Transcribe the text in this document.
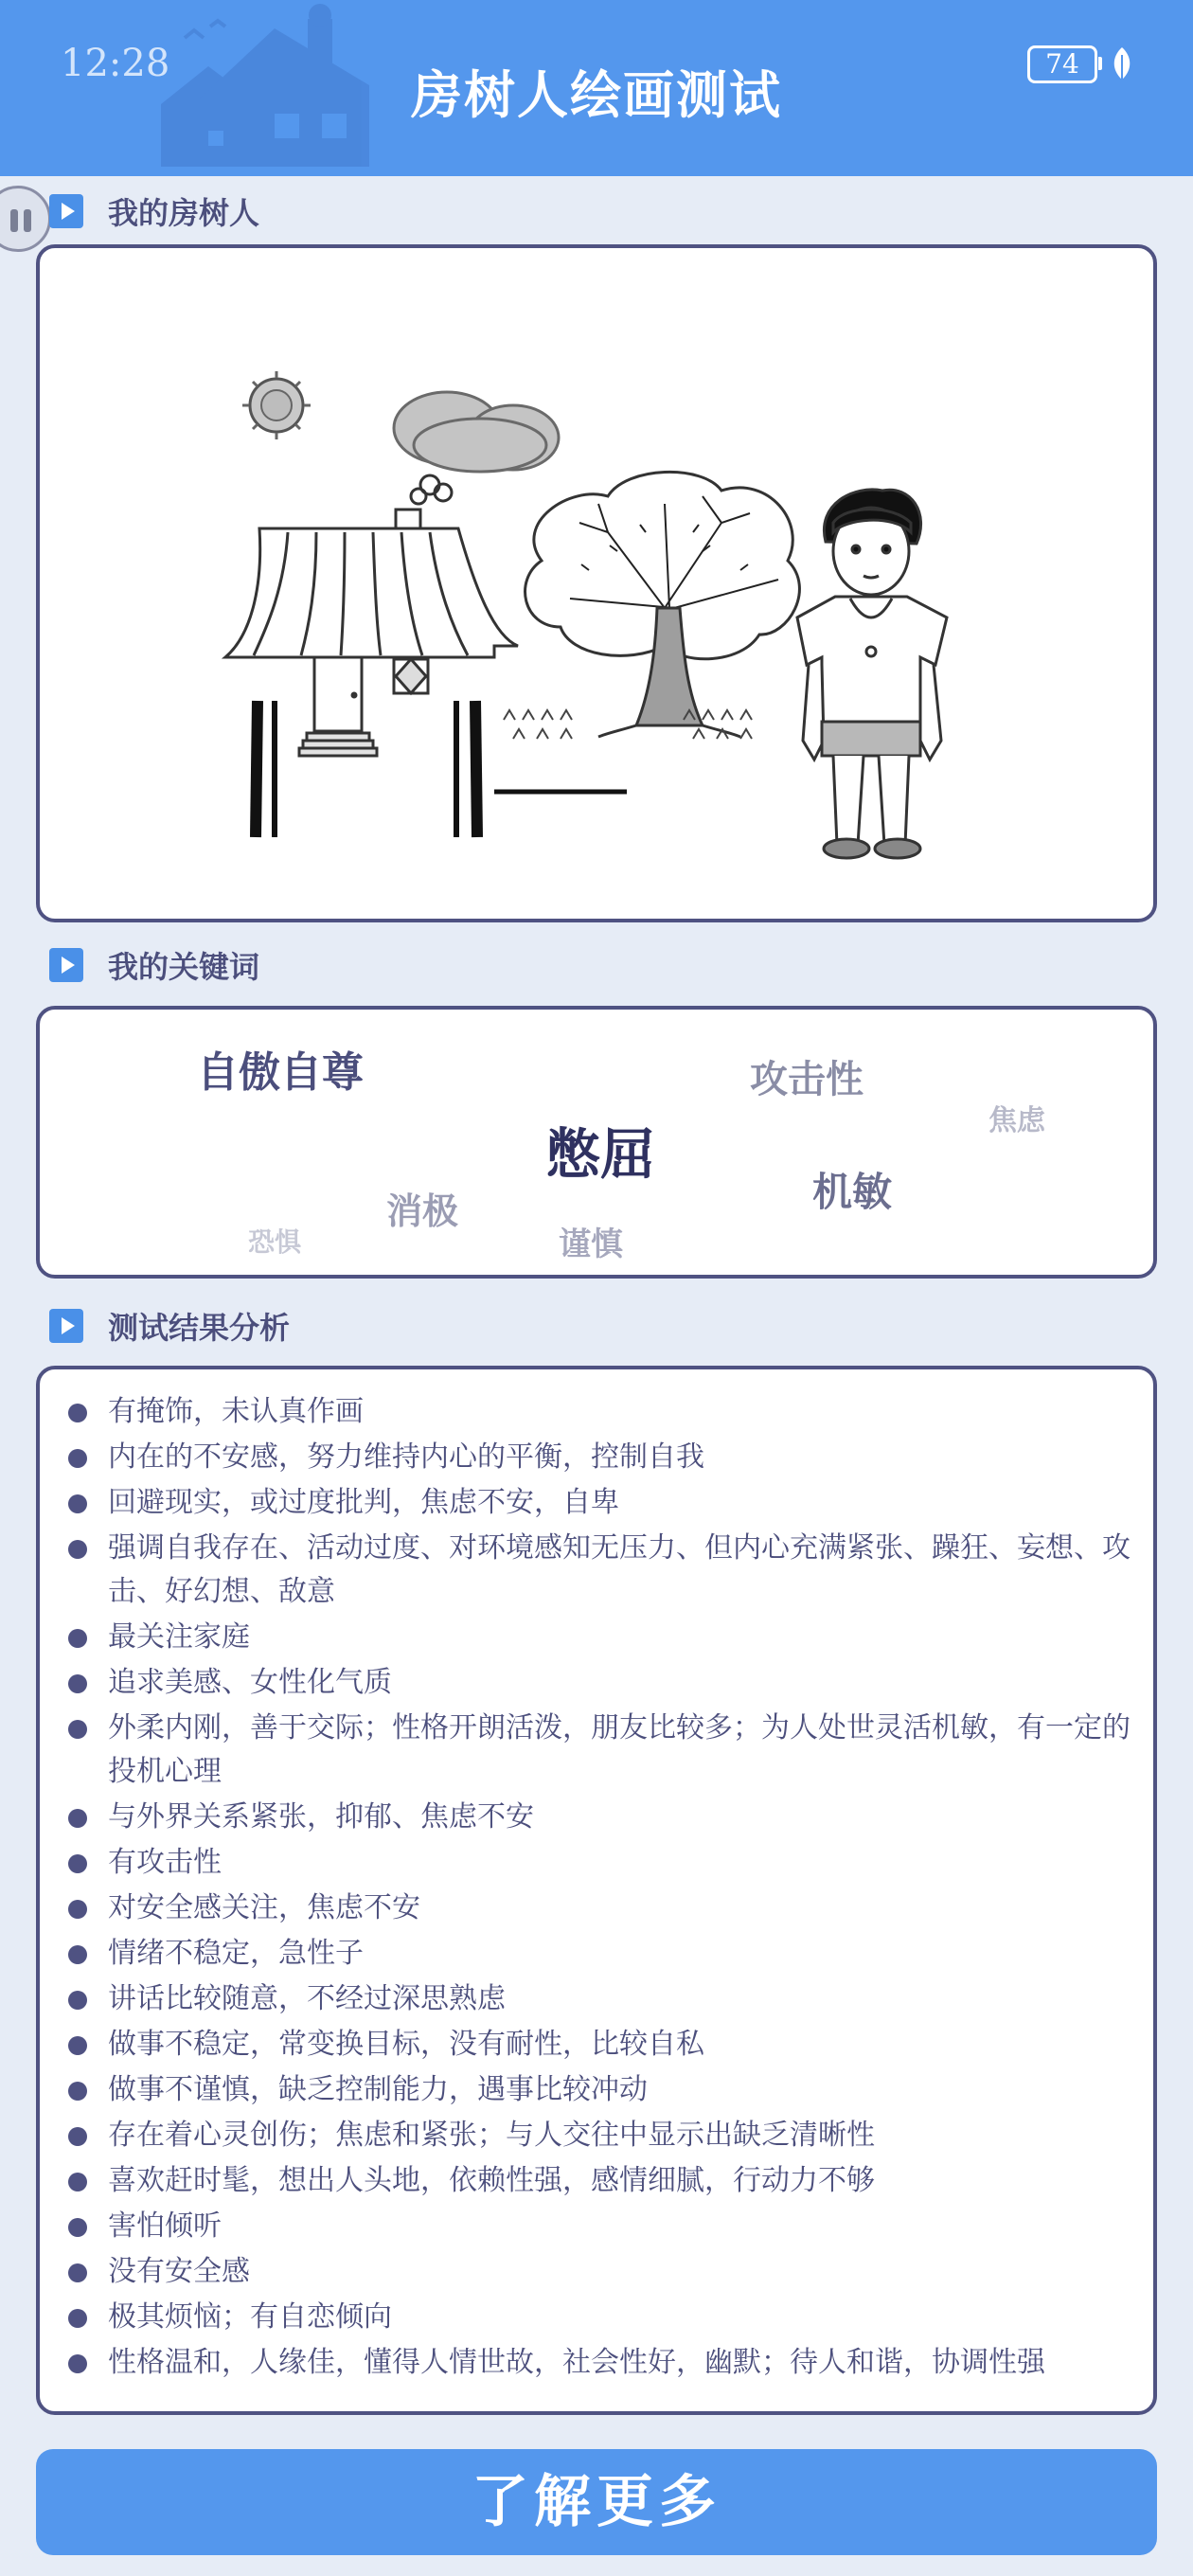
12:28
房树人绘画测试
74
我的房树人
我的关键词
自傲自尊	攻击性
焦虑
憋屈
机敏
消极
恐惧	谨慎
测试结果分析
有掩饰，未认真作画
内在的不安感，努力维持内心的平衡，控制自我
回避现实，或过度批判，焦虑不安，自卑
强调自我存在、活动过度、对环境感知无压力、但内心充满紧张、躁狂、妄想、攻击、好幻想、敌意
最关注家庭
追求美感、女性化气质
外柔内刚，善于交际；性格开朗活泼，朋友比较多；为人处世灵活机敏，有一定的投机心理
与外界关系紧张，抑郁、焦虑不安
有攻击性
对安全感关注，焦虑不安
情绪不稳定，急性子
讲话比较随意，不经过深思熟虑
做事不稳定，常变换目标，没有耐性，比较自私
做事不谨慎，缺乏控制能力，遇事比较冲动
存在着心灵创伤；焦虑和紧张；与人交往中显示出缺乏清晰性
喜欢赶时髦，想出人头地，依赖性强，感情细腻，行动力不够
害怕倾听
没有安全感
极其烦恼；有自恋倾向
性格温和，人缘佳，懂得人情世故，社会性好，幽默；待人和谐，协调性强
了解更多
